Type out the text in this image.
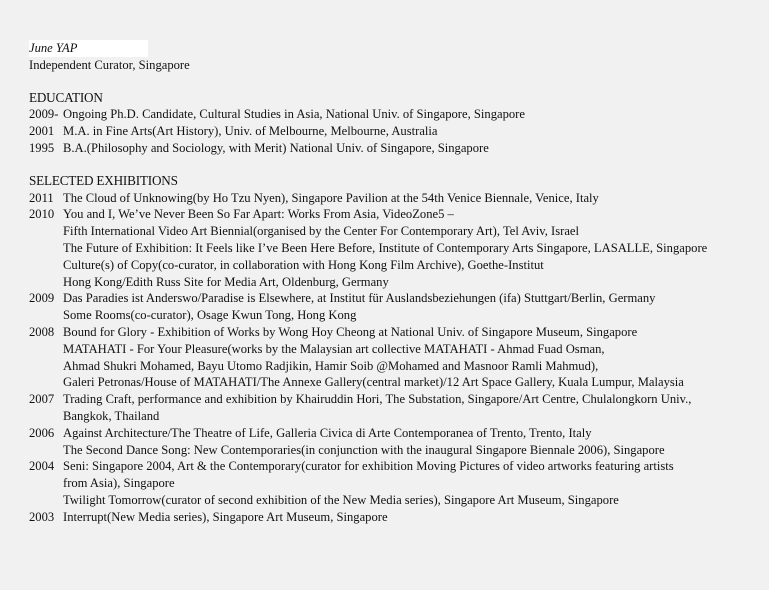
June YAP
Independent Curator, Singapore
EDUCATION
2009- Ongoing Ph.D. Candidate, Cultural Studies in Asia, National Univ. of Singapore, Singapore
2001 M.A. in Fine Arts(Art History), Univ. of Melbourne, Melbourne, Australia
1995 B.A.(Philosophy and Sociology, with Merit) National Univ. of Singapore, Singapore
SELECTED EXHIBITIONS
2011 The Cloud of Unknowing(by Ho Tzu Nyen), Singapore Pavilion at the 54th Venice Biennale, Venice, Italy
2010 You and I, We’ve Never Been So Far Apart: Works From Asia, VideoZone5 –
Fifth International Video Art Biennial(organised by the Center For Contemporary Art), Tel Aviv, Israel
The Future of Exhibition: It Feels like I’ve Been Here Before, Institute of Contemporary Arts Singapore, LASALLE, Singapore
Culture(s) of Copy(co-curator, in collaboration with Hong Kong Film Archive), Goethe-Institut
Hong Kong/Edith Russ Site for Media Art, Oldenburg, Germany
2009 Das Paradies ist Anderswo/Paradise is Elsewhere, at Institut für Auslandsbeziehungen (ifa) Stuttgart/Berlin, Germany
Some Rooms(co-curator), Osage Kwun Tong, Hong Kong
2008 Bound for Glory - Exhibition of Works by Wong Hoy Cheong at National Univ. of Singapore Museum, Singapore
MATAHATI - For Your Pleasure(works by the Malaysian art collective MATAHATI - Ahmad Fuad Osman,
Ahmad Shukri Mohamed, Bayu Utomo Radjikin, Hamir Soib @Mohamed and Masnoor Ramli Mahmud),
Galeri Petronas/House of MATAHATI/The Annexe Gallery(central market)/12 Art Space Gallery, Kuala Lumpur, Malaysia
2007 Trading Craft, performance and exhibition by Khairuddin Hori, The Substation, Singapore/Art Centre, Chulalongkorn Univ.,
Bangkok, Thailand
2006 Against Architecture/The Theatre of Life, Galleria Civica di Arte Contemporanea of Trento, Trento, Italy
The Second Dance Song: New Contemporaries(in conjunction with the inaugural Singapore Biennale 2006), Singapore
2004 Seni: Singapore 2004, Art & the Contemporary(curator for exhibition Moving Pictures of video artworks featuring artists
from Asia), Singapore
Twilight Tomorrow(curator of second exhibition of the New Media series), Singapore Art Museum, Singapore
2003 Interrupt(New Media series), Singapore Art Museum, Singapore
